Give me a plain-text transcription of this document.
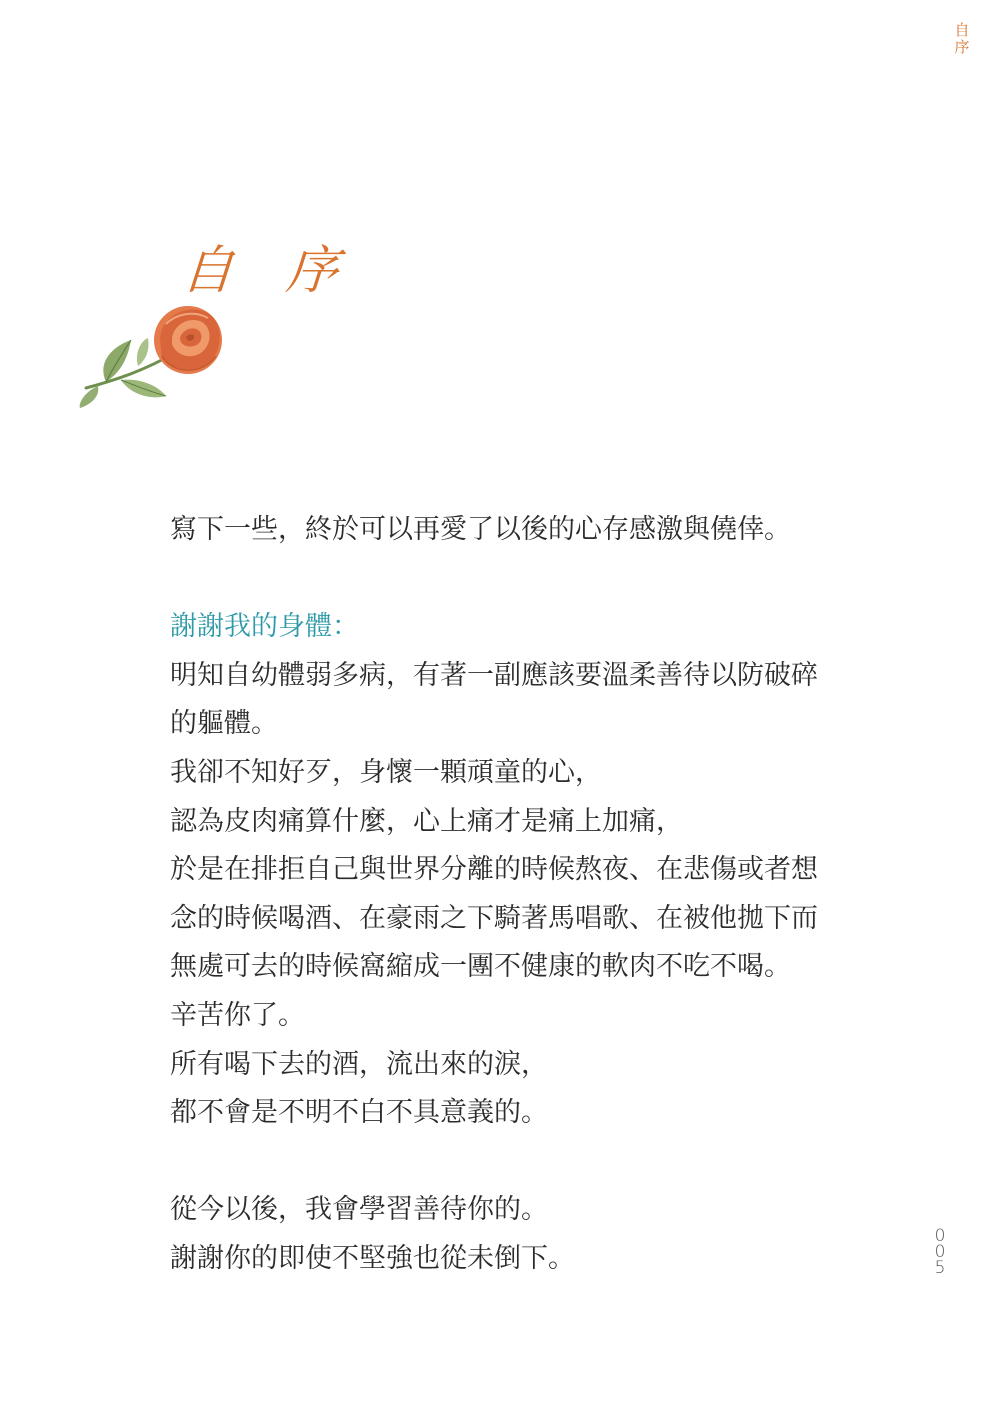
自
序
自 序

寫下一些，終於可以再愛了以後的心存感激與僥倖。

謝謝我的身體：

明知自幼體弱多病，有著一副應該要溫柔善待以防破碎

的軀體。

我卻不知好歹，身懷一顆頑童的心，

認為皮肉痛算什麼，心上痛才是痛上加痛，

於是在排拒自己與世界分離的時候熬夜、在悲傷或者想

念的時候喝酒、在豪雨之下騎著馬唱歌、在被他拋下而

無處可去的時候窩縮成一團不健康的軟肉不吃不喝。

辛苦你了。

所有喝下去的酒，流出來的淚，

都不會是不明不白不具意義的。

從今以後，我會學習善待你的。

謝謝你的即使不堅強也從未倒下。

0
0
5
